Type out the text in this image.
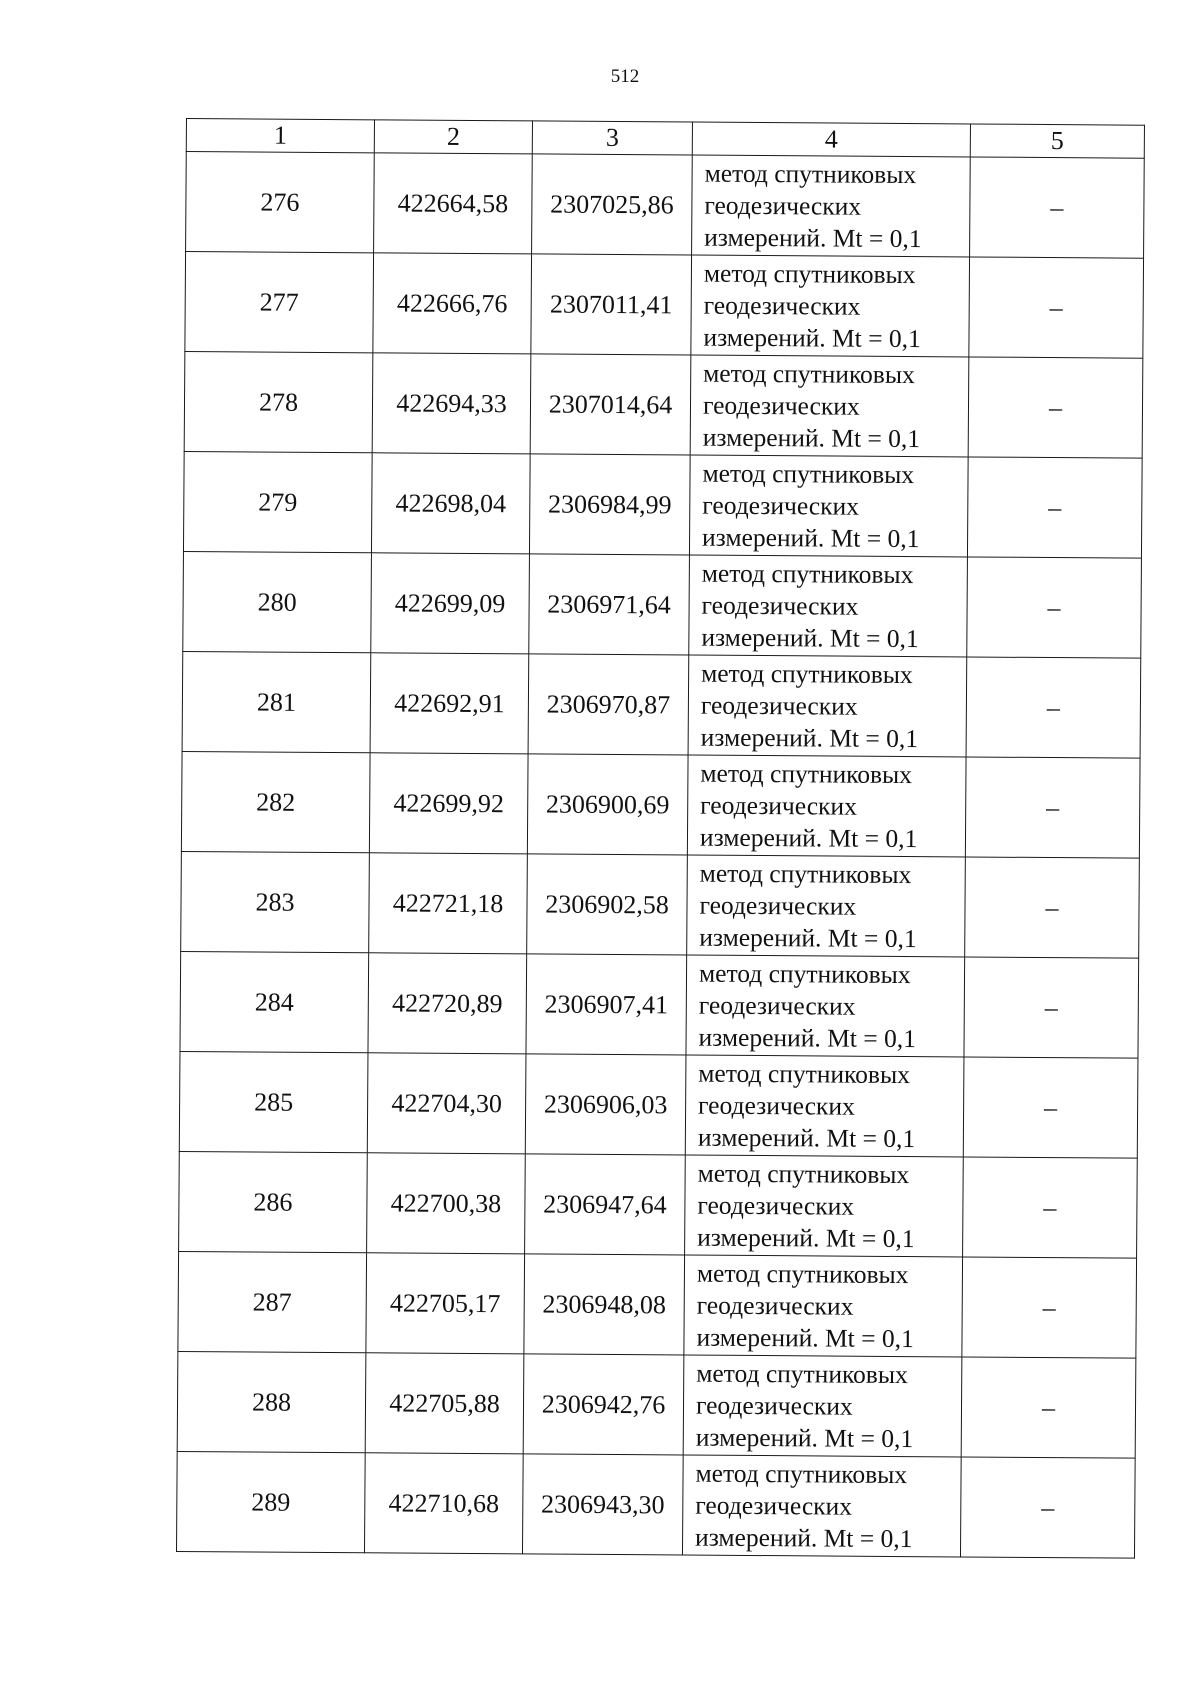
512
1	2	3	4	5
276	422664,58	2307025,86	метод спутниковых
геодезических
измерений. Mt = 0,1	–
277	422666,76	2307011,41	метод спутниковых
геодезических
измерений. Mt = 0,1	–
278	422694,33	2307014,64	метод спутниковых
геодезических
измерений. Mt = 0,1	–
279	422698,04	2306984,99	метод спутниковых
геодезических
измерений. Mt = 0,1	–
280	422699,09	2306971,64	метод спутниковых
геодезических
измерений. Mt = 0,1	–
281	422692,91	2306970,87	метод спутниковых
геодезических
измерений. Mt = 0,1	–
282	422699,92	2306900,69	метод спутниковых
геодезических
измерений. Mt = 0,1	–
283	422721,18	2306902,58	метод спутниковых
геодезических
измерений. Mt = 0,1	–
284	422720,89	2306907,41	метод спутниковых
геодезических
измерений. Mt = 0,1	–
285	422704,30	2306906,03	метод спутниковых
геодезических
измерений. Mt = 0,1	–
286	422700,38	2306947,64	метод спутниковых
геодезических
измерений. Mt = 0,1	–
287	422705,17	2306948,08	метод спутниковых
геодезических
измерений. Mt = 0,1	–
288	422705,88	2306942,76	метод спутниковых
геодезических
измерений. Mt = 0,1	–
289	422710,68	2306943,30	метод спутниковых
геодезических
измерений. Mt = 0,1	–
